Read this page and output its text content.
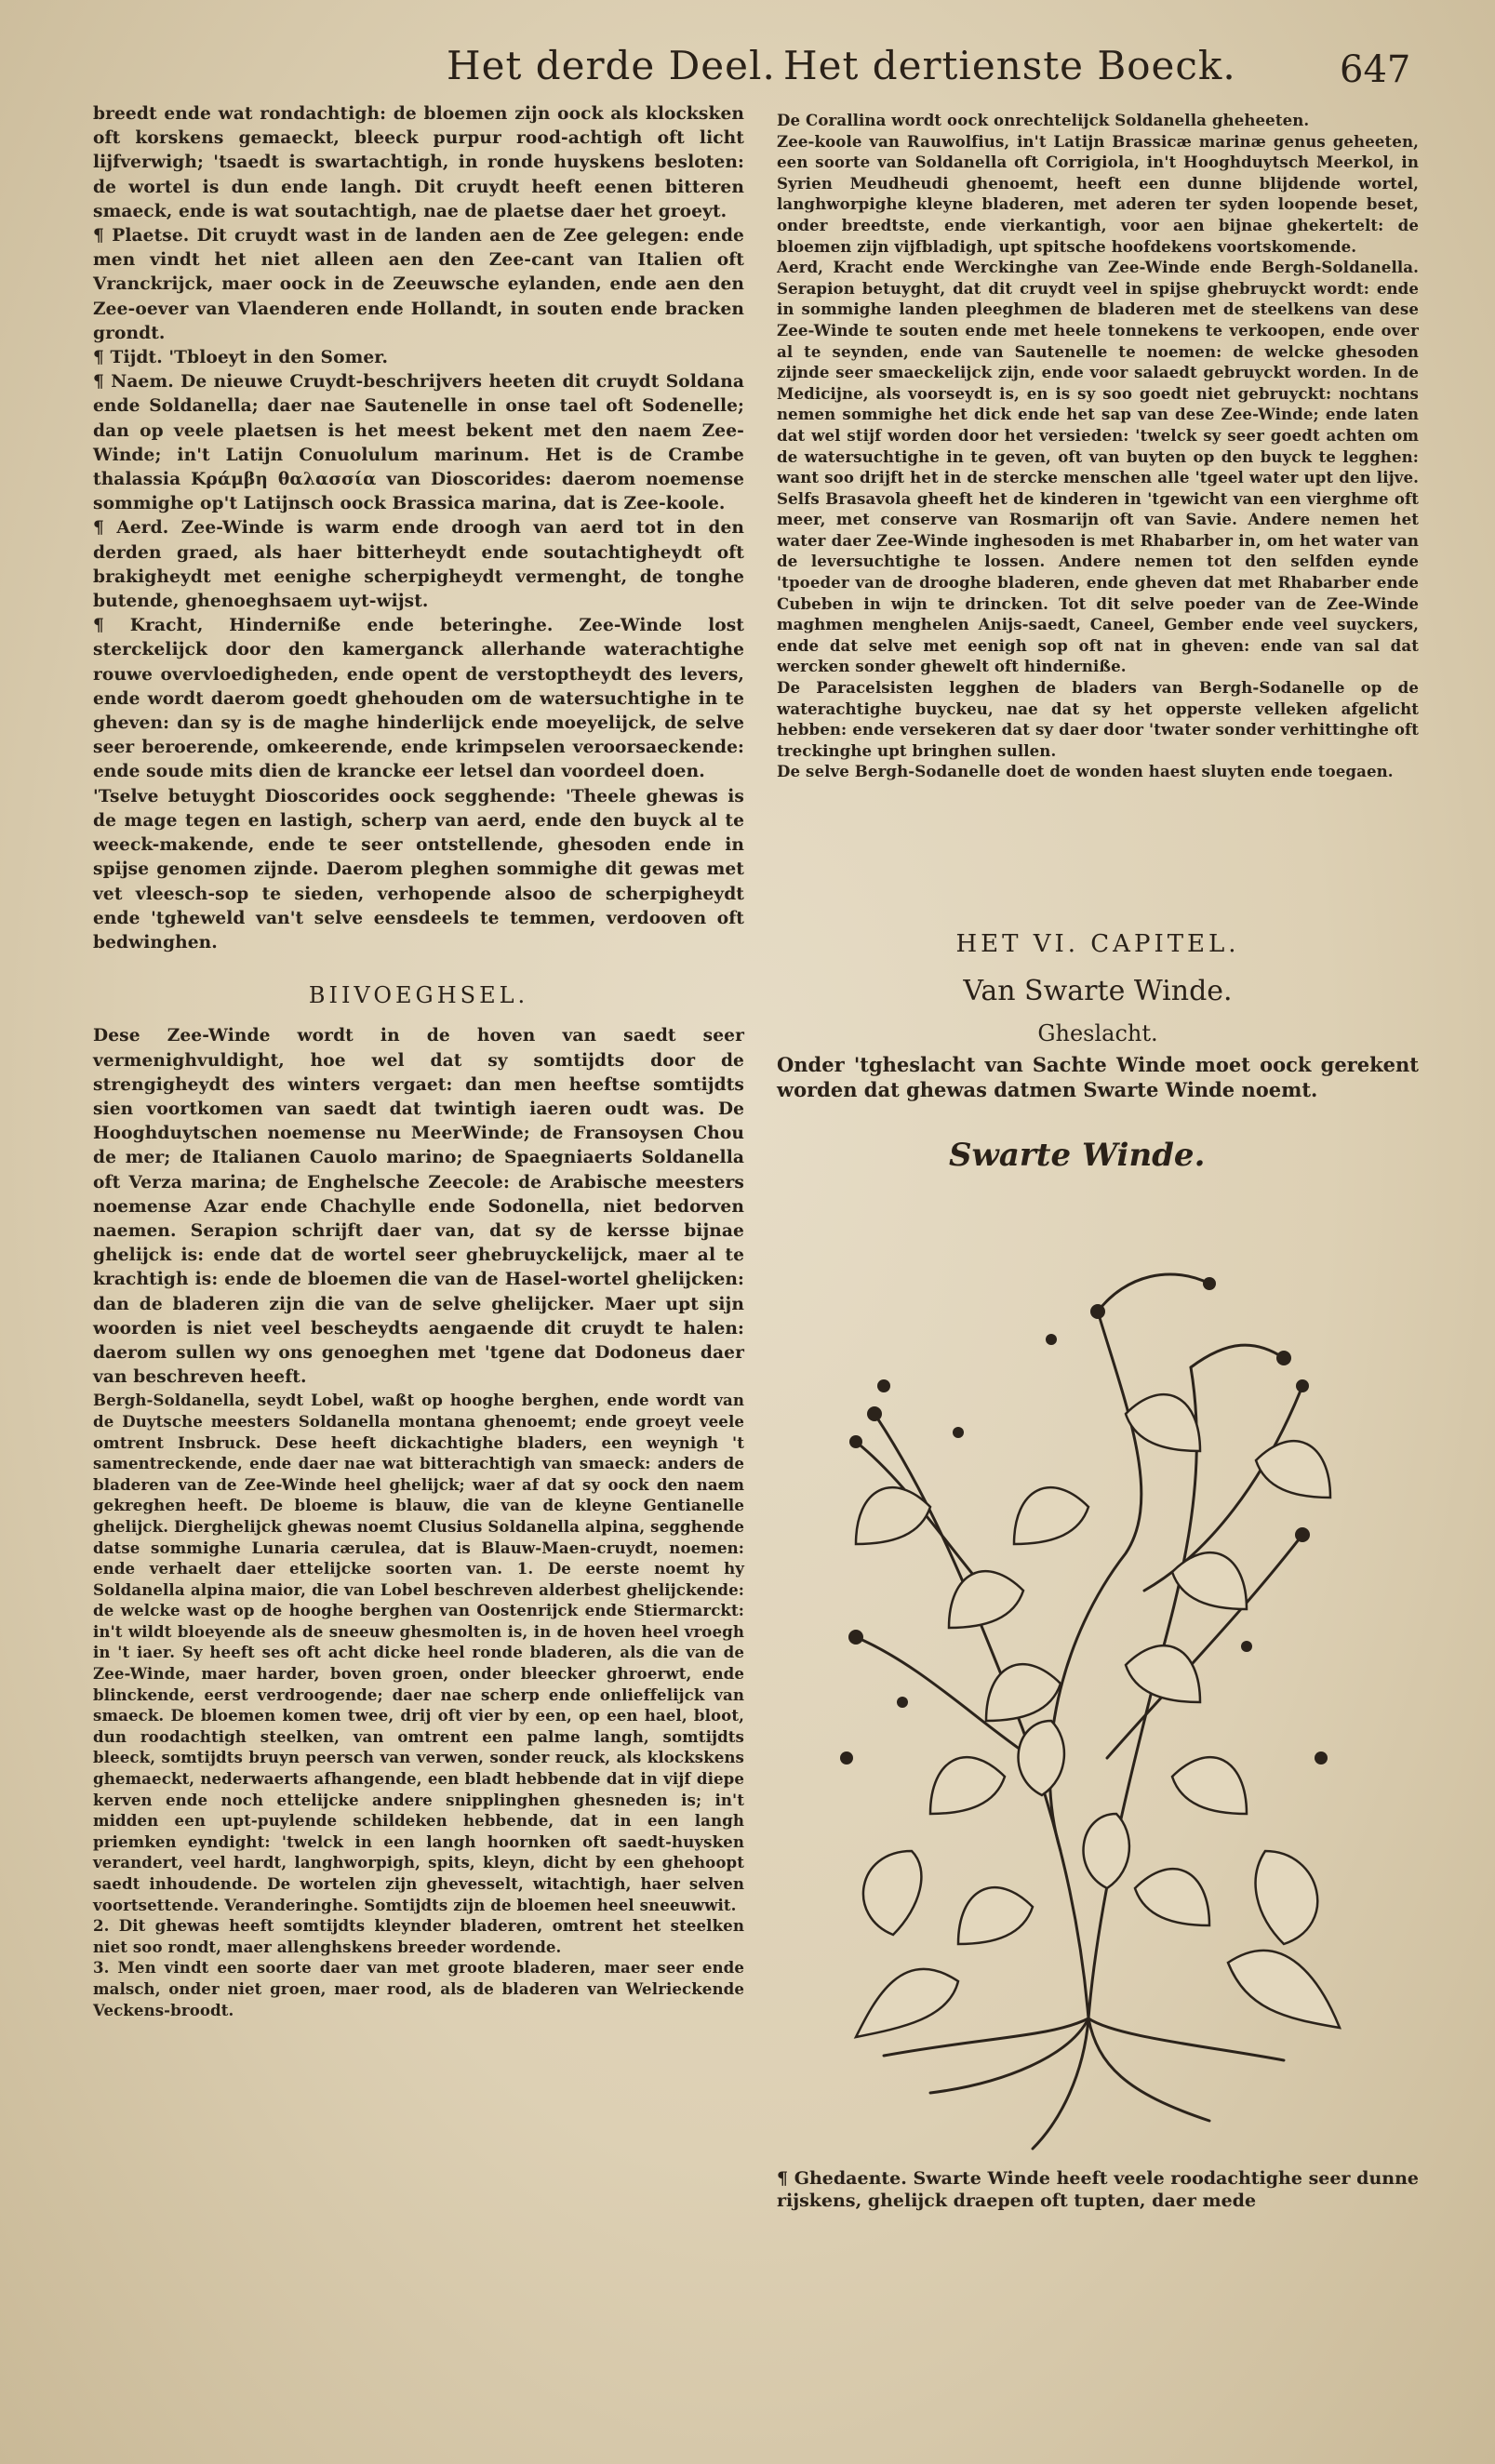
Het derde Deel. Het dertienste Boeck.	647

breedt ende wat rondachtigh: de bloemen zijn oock als klocksken oft korskens gemaeckt, bleeck purpur rood-achtigh oft licht lijfverwigh; 'tsaedt is swartachtigh, in ronde huyskens besloten: de wortel is dun ende langh. Dit cruydt heeft eenen bitteren smaeck, ende is wat soutachtigh, nae de plaetse daer het groeyt.

¶ Plaetse. Dit cruydt wast in de landen aen de Zee gelegen: ende men vindt het niet alleen aen den Zee-cant van Italien oft Vranckrijck, maer oock in de Zeeuwsche eylanden, ende aen den Zee-oever van Vlaenderen ende Hollandt, in souten ende bracken grondt.

¶ Tijdt. 'Tbloeyt in den Somer.

¶ Naem. De nieuwe Cruydt-beschrijvers heeten dit cruydt Soldana ende Soldanella; daer nae Sautenelle in onse tael oft Sodenelle; dan op veele plaetsen is het meest bekent met den naem Zee-Winde; in't Latijn Conuolulum marinum. Het is de Crambe thalassia Κράμβη θαλασσία van Dioscorides: daerom noemense sommighe op't Latijnsch oock Brassica marina, dat is Zee-koole.

¶ Aerd. Zee-Winde is warm ende droogh van aerd tot in den derden graed, als haer bitterheydt ende soutachtigheydt oft brakigheydt met eenighe scherpigheydt vermenght, de tonghe butende, ghenoeghsaem uyt-wijst.

¶ Kracht, Hinderniße ende beteringhe. Zee-Winde lost sterckelijck door den kamerganck allerhande waterachtighe rouwe overvloedigheden, ende opent de verstoptheydt des levers, ende wordt daerom goedt ghehouden om de watersuchtighe in te gheven: dan sy is de maghe hinderlijck ende moeyelijck, de selve seer beroerende, omkeerende, ende krimpselen veroorsaeckende: ende soude mits dien de krancke eer letsel dan voordeel doen.

'Tselve betuyght Dioscorides oock segghende: 'Theele ghewas is de mage tegen en lastigh, scherp van aerd, ende den buyck al te weeck-makende, ende te seer ontstellende, ghesoden ende in spijse genomen zijnde. Daerom pleghen sommighe dit gewas met vet vleesch-sop te sieden, verhopende alsoo de scherpigheydt ende 'tgheweld van't selve eensdeels te temmen, verdooven oft bedwinghen.

BIIVOEGHSEL.

Dese Zee-Winde wordt in de hoven van saedt seer vermenighvuldight, hoe wel dat sy somtijdts door de strengigheydt des winters vergaet: dan men heeftse somtijdts sien voortkomen van saedt dat twintigh iaeren oudt was. De Hooghduytschen noemense nu MeerWinde; de Fransoysen Chou de mer; de Italianen Cauolo marino; de Spaegniaerts Soldanella oft Verza marina; de Enghelsche Zeecole: de Arabische meesters noemense Azar ende Chachylle ende Sodonella, niet bedorven naemen. Serapion schrijft daer van, dat sy de kersse bijnae ghelijck is: ende dat de wortel seer ghebruyckelijck, maer al te krachtigh is: ende de bloemen die van de Hasel-wortel ghelijcken: dan de bladeren zijn die van de selve ghelijcker. Maer upt sijn woorden is niet veel bescheydts aengaende dit cruydt te halen: daerom sullen wy ons genoeghen met 'tgene dat Dodoneus daer van beschreven heeft.

Bergh-Soldanella, seydt Lobel, waßt op hooghe berghen, ende wordt van de Duytsche meesters Soldanella montana ghenoemt; ende groeyt veele omtrent Insbruck. Dese heeft dickachtighe bladers, een weynigh 't samentreckende, ende daer nae wat bitterachtigh van smaeck: anders de bladeren van de Zee-Winde heel ghelijck; waer af dat sy oock den naem gekreghen heeft. De bloeme is blauw, die van de kleyne Gentianelle ghelijck. Dierghelijck ghewas noemt Clusius Soldanella alpina, segghende datse sommighe Lunaria cærulea, dat is Blauw-Maen-cruydt, noemen: ende verhaelt daer ettelijcke soorten van. 1. De eerste noemt hy Soldanella alpina maior, die van Lobel beschreven alderbest ghelijckende: de welcke wast op de hooghe berghen van Oostenrijck ende Stiermarckt: in't wildt bloeyende als de sneeuw ghesmolten is, in de hoven heel vroegh in 't iaer. Sy heeft ses oft acht dicke heel ronde bladeren, als die van de Zee-Winde, maer harder, boven groen, onder bleecker ghroerwt, ende blinckende, eerst verdroogende; daer nae scherp ende onlieffelijck van smaeck. De bloemen komen twee, drij oft vier by een, op een hael, bloot, dun roodachtigh steelken, van omtrent een palme langh, somtijdts bleeck, somtijdts bruyn peersch van verwen, sonder reuck, als klockskens ghemaeckt, nederwaerts afhangende, een bladt hebbende dat in vijf diepe kerven ende noch ettelijcke andere snipplinghen ghesneden is; in't midden een upt-puylende schildeken hebbende, dat in een langh priemken eyndight: 'twelck in een langh hoornken oft saedt-huysken verandert, veel hardt, langhworpigh, spits, kleyn, dicht by een ghehoopt saedt inhoudende. De wortelen zijn ghevesselt, witachtigh, haer selven voortsettende. Veranderinghe. Somtijdts zijn de bloemen heel sneeuwwit.

2. Dit ghewas heeft somtijdts kleynder bladeren, omtrent het steelken niet soo rondt, maer allenghskens breeder wordende.

3. Men vindt een soorte daer van met groote bladeren, maer seer ende malsch, onder niet groen, maer rood, als de bladeren van Welrieckende Veckens-broodt.

De Corallina wordt oock onrechtelijck Soldanella gheheeten.

Zee-koole van Rauwolfius, in't Latijn Brassicæ marinæ genus geheeten, een soorte van Soldanella oft Corrigiola, in't Hooghduytsch Meerkol, in Syrien Meudheudi ghenoemt, heeft een dunne blijdende wortel, langhworpighe kleyne bladeren, met aderen ter syden loopende beset, onder breedtste, ende vierkantigh, voor aen bijnae ghekertelt: de bloemen zijn vijfbladigh, upt spitsche hoofdekens voortskomende.

Aerd, Kracht ende Werckinghe van Zee-Winde ende Bergh-Soldanella. Serapion betuyght, dat dit cruydt veel in spijse ghebruyckt wordt: ende in sommighe landen pleeghmen de bladeren met de steelkens van dese Zee-Winde te souten ende met heele tonnekens te verkoopen, ende over al te seynden, ende van Sautenelle te noemen: de welcke ghesoden zijnde seer smaeckelijck zijn, ende voor salaedt gebruyckt worden. In de Medicijne, als voorseydt is, en is sy soo goedt niet gebruyckt: nochtans nemen sommighe het dick ende het sap van dese Zee-Winde; ende laten dat wel stijf worden door het versieden: 'twelck sy seer goedt achten om de watersuchtighe in te geven, oft van buyten op den buyck te legghen: want soo drijft het in de stercke menschen alle 'tgeel water upt den lijve. Selfs Brasavola gheeft het de kinderen in 'tgewicht van een vierghme oft meer, met conserve van Rosmarijn oft van Savie. Andere nemen het water daer Zee-Winde inghesoden is met Rhabarber in, om het water van de leversuchtighe te lossen. Andere nemen tot den selfden eynde 'tpoeder van de drooghe bladeren, ende gheven dat met Rhabarber ende Cubeben in wijn te drincken. Tot dit selve poeder van de Zee-Winde maghmen menghelen Anijs-saedt, Caneel, Gember ende veel suyckers, ende dat selve met eenigh sop oft nat in gheven: ende van sal dat wercken sonder ghewelt oft hinderniße.

De Paracelsisten legghen de bladers van Bergh-Sodanelle op de waterachtighe buyckeu, nae dat sy het opperste velleken afgelicht hebben: ende versekeren dat sy daer door 'twater sonder verhittinghe oft treckinghe upt bringhen sullen.

De selve Bergh-Sodanelle doet de wonden haest sluyten ende toegaen.

HET VI. CAPITEL.
Van Swarte Winde.
Gheslacht.
Onder 'tgheslacht van Sachte Winde moet oock gerekent worden dat ghewas datmen Swarte Winde noemt.
Swarte Winde.
¶ Ghedaente. Swarte Winde heeft veele roodachtighe seer dunne rijskens, ghelijck draepen oft tupten, daer mede
